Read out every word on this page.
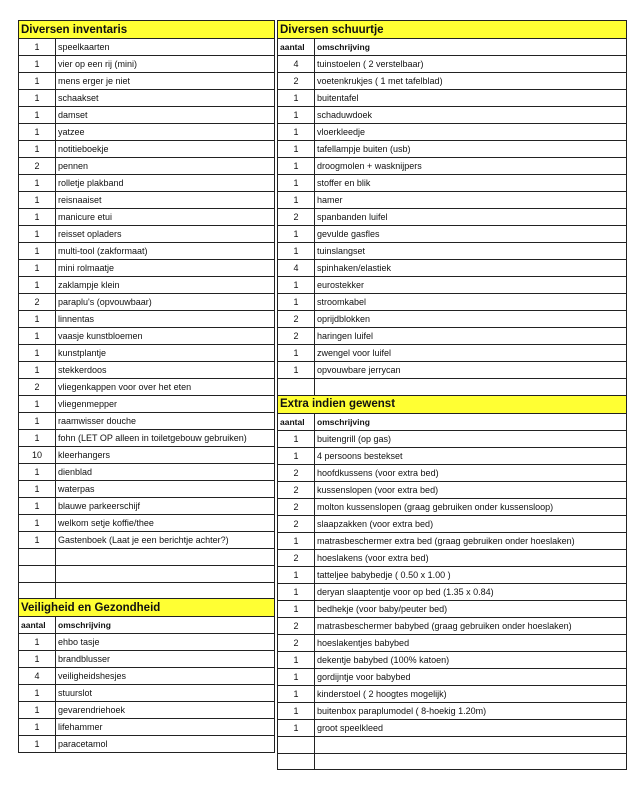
Diversen inventaris	
1	speelkaarten
1	vier op een rij (mini)
1	mens erger je niet
1	schaakset
1	damset
1	yatzee
1	notitieboekje
2	pennen
1	rolletje plakband
1	reisnaaiset
1	manicure etui
1	reisset opladers
1	multi-tool (zakformaat)
1	mini rolmaatje
1	zaklampje klein
2	paraplu's (opvouwbaar)
1	linnentas
1	vaasje kunstbloemen
1	kunstplantje
1	stekkerdoos
2	vliegenkappen voor over het eten
1	vliegenmepper
1	raamwisser douche
1	fohn (LET OP alleen in toiletgebouw gebruiken)
10	kleerhangers
1	dienblad
1	waterpas
1	blauwe parkeerschijf
1	welkom setje koffie/thee
1	Gastenboek (Laat je een berichtje achter?)

Veiligheid en Gezondheid	
aantal	omschrijving
1	ehbo tasje
1	brandblusser
4	veiligheidshesjes
1	stuurslot
1	gevarendriehoek
1	lifehammer
1	paracetamol
Diversen schuurtje	
aantal	omschrijving
4	tuinstoelen ( 2 verstelbaar)
2	voetenkrukjes ( 1 met tafelblad)
1	buitentafel
1	schaduwdoek
1	vloerkleedje
1	tafellampje buiten (usb)
1	droogmolen + wasknijpers
1	stoffer en blik
1	hamer
2	spanbanden luifel
1	gevulde gasfles
1	tuinslangset
4	spinhaken/elastiek
1	eurostekker
1	stroomkabel
2	oprijdblokken
2	haringen luifel
1	zwengel voor luifel
1	opvouwbare jerrycan

Extra indien gewenst	
aantal	omschrijving
1	buitengrill (op gas)
1	4 persoons bestekset
2	hoofdkussens (voor extra bed)
2	kussenslopen (voor extra bed)
2	molton kussenslopen (graag gebruiken onder kussensloop)
2	slaapzakken (voor extra bed)
1	matrasbeschermer extra bed (graag gebruiken onder hoeslaken)
2	hoeslakens (voor extra bed)
1	tatteljee babybedje ( 0.50 x 1.00 )
1	deryan slaaptentje voor op bed (1.35 x 0.84)
1	bedhekje (voor baby/peuter bed)
2	matrasbeschermer babybed (graag gebruiken onder hoeslaken)
2	hoeslakentjes babybed
1	dekentje babybed (100% katoen)
1	gordijntje voor babybed
1	kinderstoel ( 2 hoogtes mogelijk)
1	buitenbox paraplumodel ( 8-hoekig 1.20m)
1	groot speelkleed
